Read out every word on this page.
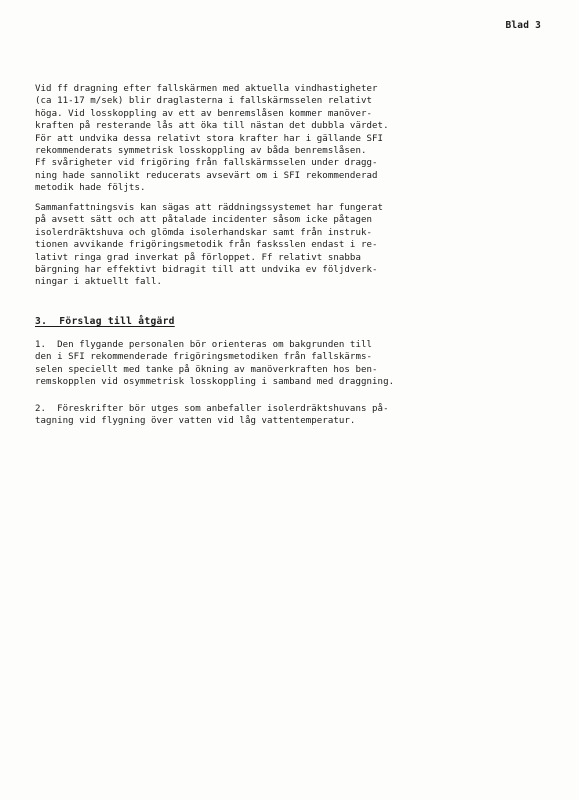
Blad 3
Vid ff dragning efter fallskärmen med aktuella vindhastigheter
(ca 11-17 m/sek) blir draglasterna i fallskärmsselen relativt
höga. Vid losskoppling av ett av benremslåsen kommer manöver-
kraften på resterande lås att öka till nästan det dubbla värdet.
För att undvika dessa relativt stora krafter har i gällande SFI
rekommenderats symmetrisk losskoppling av båda benremslåsen.
Ff svårigheter vid frigöring från fallskärmsselen under dragg-
ning hade sannolikt reducerats avsevärt om i SFI rekommenderad
metodik hade följts.
Sammanfattningsvis kan sägas att räddningssystemet har fungerat
på avsett sätt och att påtalade incidenter såsom icke påtagen
isolerdräktshuva och glömda isolerhandskar samt från instruk-
tionen avvikande frigöringsmetodik från fasksslen endast i re-
lativt ringa grad inverkat på förloppet. Ff relativt snabba
bärgning har effektivt bidragit till att undvika ev följdverk-
ningar i aktuellt fall.
3.  Förslag till åtgärd
1.  Den flygande personalen bör orienteras om bakgrunden till
den i SFI rekommenderade frigöringsmetodiken från fallskärms-
selen speciellt med tanke på ökning av manöverkraften hos ben-
remskopplen vid osymmetrisk losskoppling i samband med draggning.
2.  Föreskrifter bör utges som anbefaller isolerdräktshuvans på-
tagning vid flygning över vatten vid låg vattentemperatur.
